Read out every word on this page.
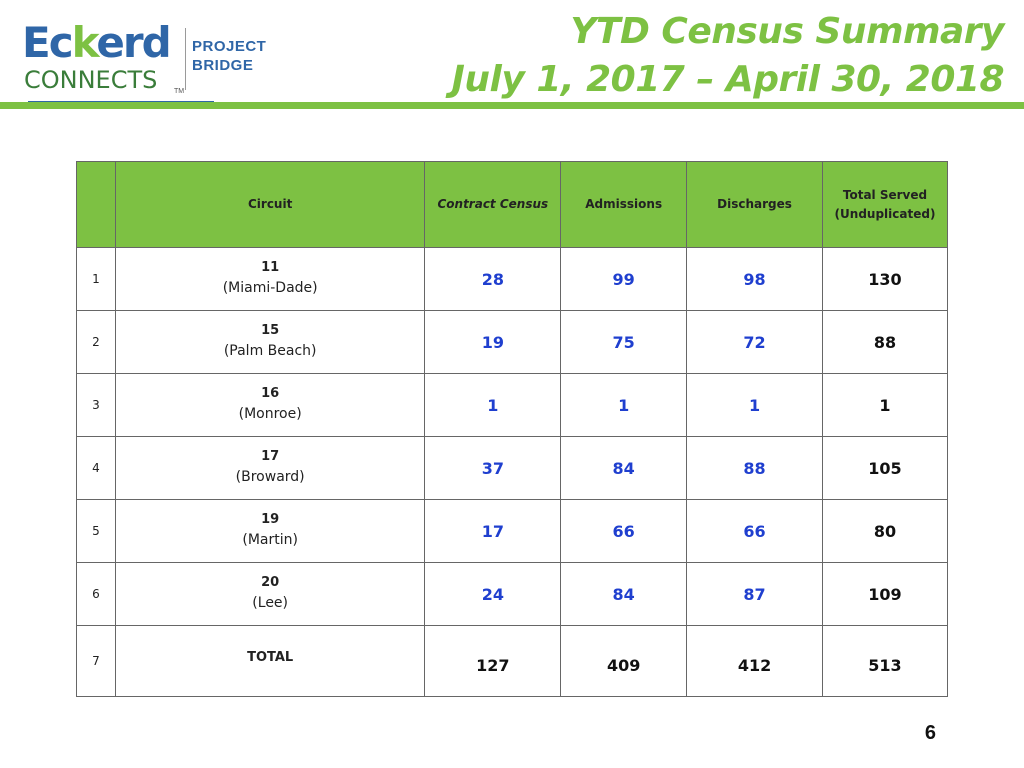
Eckerd
CONNECTS TM
PROJECT
BRIDGE
YTD Census Summary
July 1, 2017 – April 30, 2018
	Circuit	Contract Census	Admissions	Discharges	Total Served
(Unduplicated)

1	11
(Miami-Dade)	28	99	98	130
2	15
(Palm Beach)	19	75	72	88
3	16
(Monroe)	1	1	1	1
4	17
(Broward)	37	84	88	105
5	19
(Martin)	17	66	66	80
6	20
(Lee)	24	84	87	109
7	TOTAL	127	409	412	513
6
